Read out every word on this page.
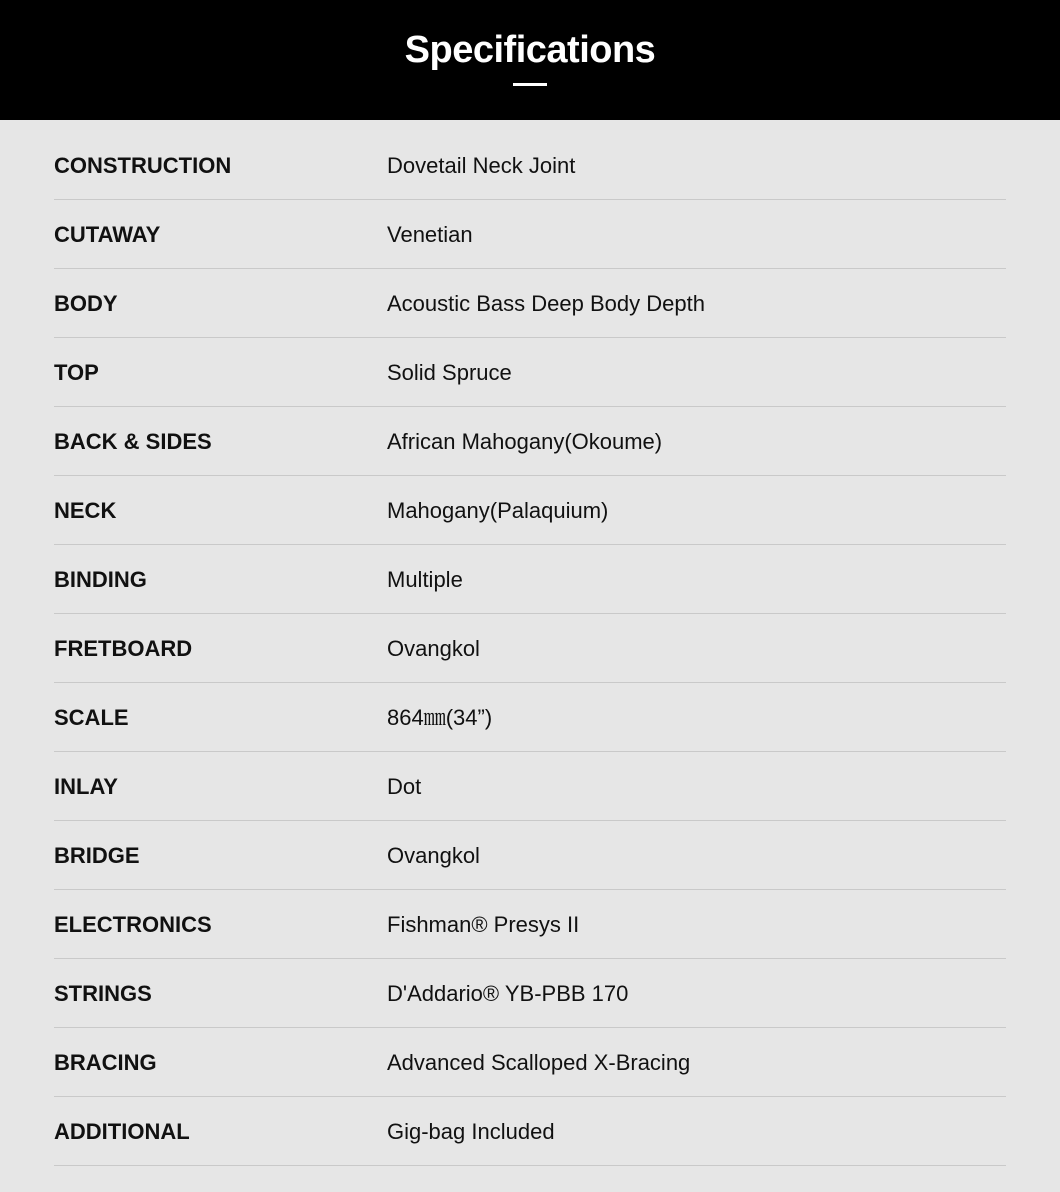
Specifications
CONSTRUCTION	Dovetail Neck Joint
CUTAWAY	Venetian
BODY	Acoustic Bass Deep Body Depth
TOP	Solid Spruce
BACK & SIDES	African Mahogany(Okoume)
NECK	Mahogany(Palaquium)
BINDING	Multiple
FRETBOARD	Ovangkol
SCALE	864㎜(34”)
INLAY	Dot
BRIDGE	Ovangkol
ELECTRONICS	Fishman® Presys II
STRINGS	D'Addario® YB-PBB 170
BRACING	Advanced Scalloped X-Bracing
ADDITIONAL	Gig-bag Included
